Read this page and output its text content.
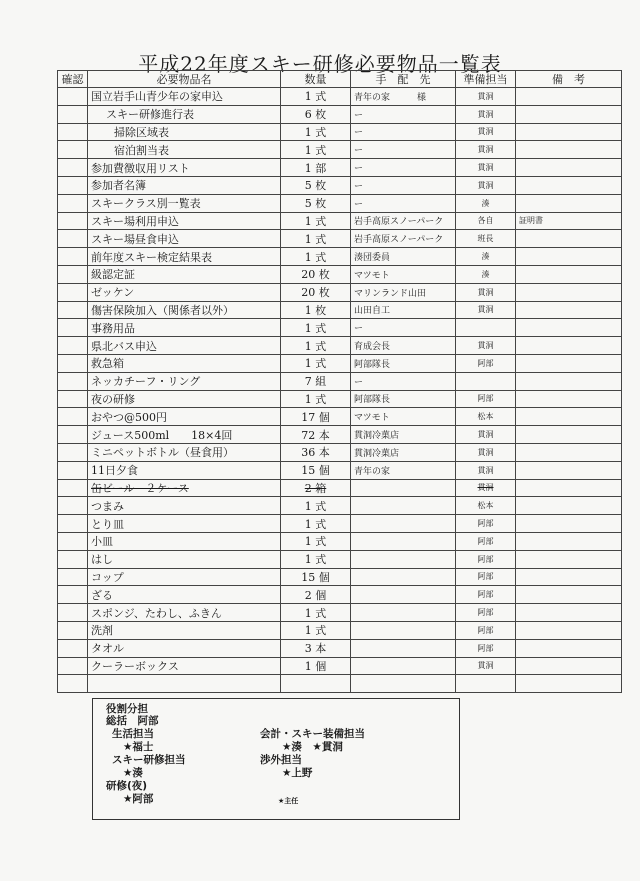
平成22年度スキー研修必要物品一覧表
確認	必要物品名	数量	手　配　先	準備担当	備　考
	国立岩手山青少年の家申込	1 式	青年の家　　　様	貫洞	
	スキー研修進行表	6 枚	ー	貫洞	
	掃除区域表	1 式	ー	貫洞	
	宿泊割当表	1 式	ー	貫洞	
	参加費徴収用リスト	1 部	ー	貫洞	
	参加者名簿	5 枚	ー	貫洞	
	スキークラス別一覧表	5 枚	ー	湊	
	スキー場利用申込	1 式	岩手高原スノーパーク	各自	証明書
	スキー場昼食申込	1 式	岩手高原スノーパーク	班長	
	前年度スキー検定結果表	1 式	湊団委員	湊	
	級認定証	20 枚	マツモト	湊	
	ゼッケン	20 枚	マリンランド山田	貫洞	
	傷害保険加入（関係者以外）	1 枚	山田自工	貫洞	
	事務用品	1 式	ー		
	県北バス申込	1 式	育成会長	貫洞	
	救急箱	1 式	阿部隊長	阿部	
	ネッカチーフ・リング	7 組	ー		
	夜の研修	1 式	阿部隊長	阿部	
	おやつ@500円	17 個	マツモト	松本	
	ジュース500ml　　18×4回	72 本	貫洞冷菓店	貫洞	
	ミニペットボトル（昼食用）	36 本	貫洞冷菓店	貫洞	
	11日夕食	15 個	青年の家	貫洞	
	缶ビール　２ケース	2 箱		貫洞	
	つまみ	1 式		松本	
	とり皿	1 式		阿部	
	小皿	1 式		阿部	
	はし	1 式		阿部	
	コップ	15 個		阿部	
	ざる	2 個		阿部	
	スポンジ、たわし、ふきん	1 式		阿部	
	洗剤	1 式		阿部	
	タオル	3 本		阿部	
	クーラーボックス	1 個		貫洞	

役割分担
総括　阿部
生活担当
★福士
スキー研修担当
★湊
研修(夜)
★阿部
会計・スキー装備担当
★湊　★貫洞
渉外担当
★上野
★主任
